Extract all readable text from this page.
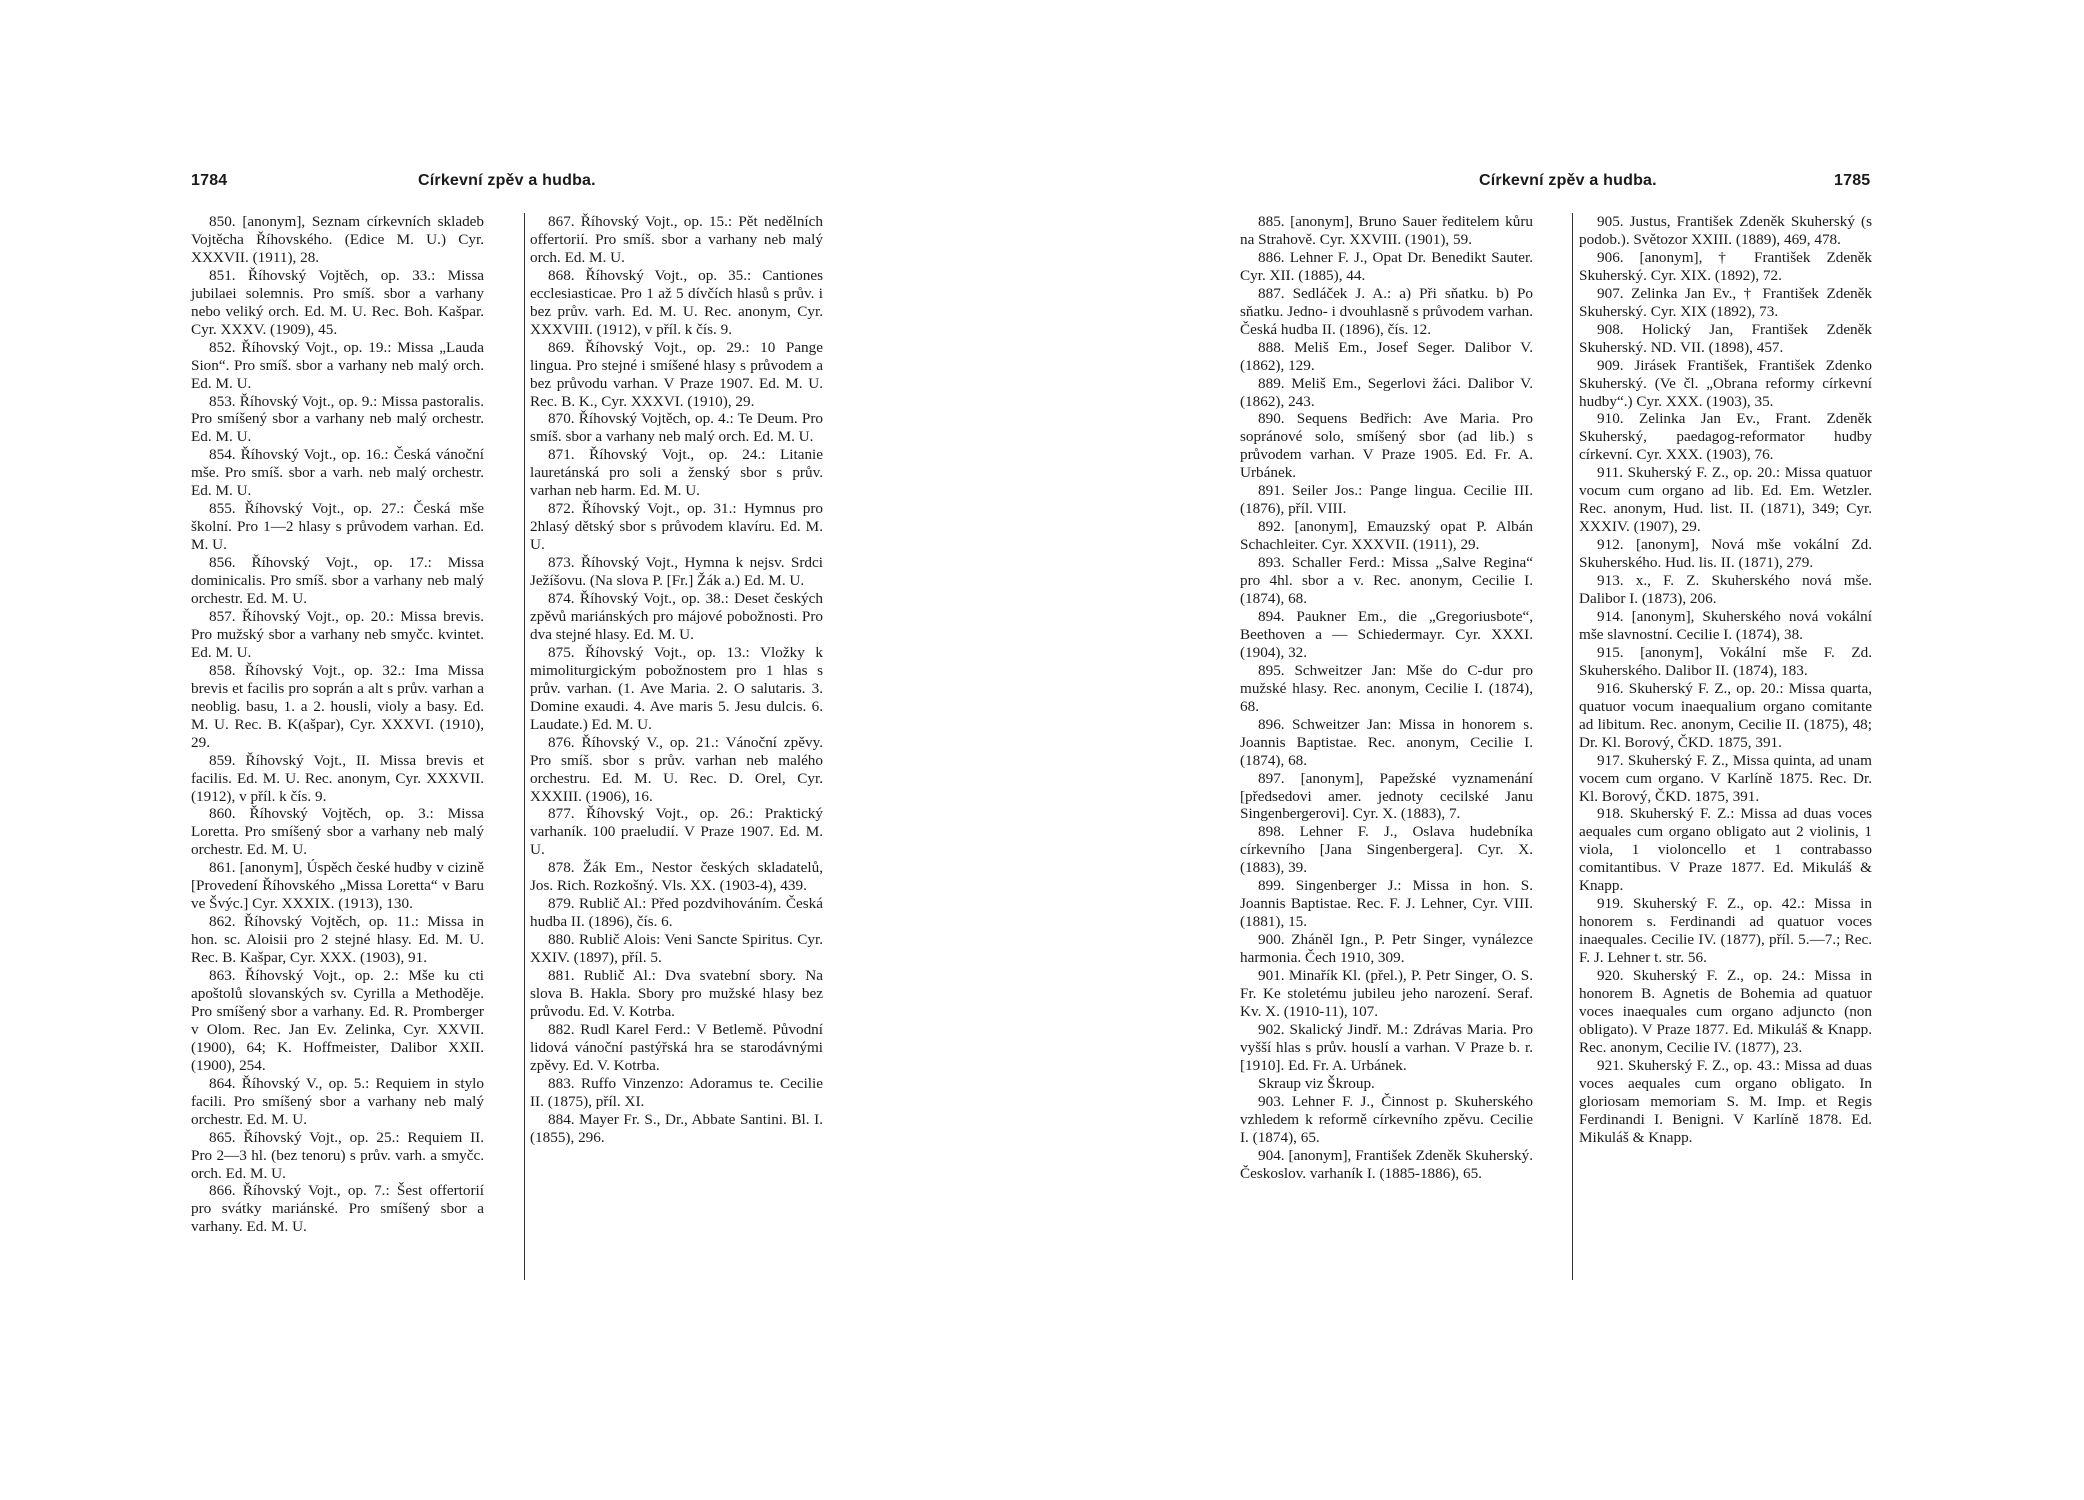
1784	Církevní zpěv a hudba.

850. [anonym], Seznam církevních skladeb Vojtěcha Říhovského. (Edice M. U.) Cyr. XXXVII. (1911), 28.

851. Říhovský Vojtěch, op. 33.: Missa jubilaei solemnis. Pro smíš. sbor a varhany nebo veliký orch. Ed. M. U. Rec. Boh. Kašpar. Cyr. XXXV. (1909), 45.

852. Říhovský Vojt., op. 19.: Missa „Lauda Sion“. Pro smíš. sbor a varhany neb malý orch. Ed. M. U.

853. Říhovský Vojt., op. 9.: Missa pastoralis. Pro smíšený sbor a varhany neb malý orchestr. Ed. M. U.

854. Říhovský Vojt., op. 16.: Česká vánoční mše. Pro smíš. sbor a varh. neb malý orchestr. Ed. M. U.

855. Říhovský Vojt., op. 27.: Česká mše školní. Pro 1—2 hlasy s průvodem varhan. Ed. M. U.

856. Říhovský Vojt., op. 17.: Missa dominicalis. Pro smíš. sbor a varhany neb malý orchestr. Ed. M. U.

857. Říhovský Vojt., op. 20.: Missa brevis. Pro mužský sbor a varhany neb smyčc. kvintet. Ed. M. U.

858. Říhovský Vojt., op. 32.: Ima Missa brevis et facilis pro soprán a alt s prův. varhan a neoblig. basu, 1. a 2. housli, violy a basy. Ed. M. U. Rec. B. K(ašpar), Cyr. XXXVI. (1910), 29.

859. Říhovský Vojt., II. Missa brevis et facilis. Ed. M. U. Rec. anonym, Cyr. XXXVII. (1912), v příl. k čís. 9.

860. Říhovský Vojtěch, op. 3.: Missa Loretta. Pro smíšený sbor a varhany neb malý orchestr. Ed. M. U.

861. [anonym], Úspěch české hudby v cizině [Provedení Říhovského „Missa Loretta“ v Baru ve Švýc.] Cyr. XXXIX. (1913), 130.

862. Říhovský Vojtěch, op. 11.: Missa in hon. sc. Aloisii pro 2 stejné hlasy. Ed. M. U. Rec. B. Kašpar, Cyr. XXX. (1903), 91.

863. Říhovský Vojt., op. 2.: Mše ku cti apoštolů slovanských sv. Cyrilla a Methoděje. Pro smíšený sbor a varhany. Ed. R. Promberger v Olom. Rec. Jan Ev. Zelinka, Cyr. XXVII. (1900), 64; K. Hoffmeister, Dalibor XXII. (1900), 254.

864. Říhovský V., op. 5.: Requiem in stylo facili. Pro smíšený sbor a varhany neb malý orchestr. Ed. M. U.

865. Říhovský Vojt., op. 25.: Requiem II. Pro 2—3 hl. (bez tenoru) s prův. varh. a smyčc. orch. Ed. M. U.

866. Říhovský Vojt., op. 7.: Šest offertorií pro svátky mariánské. Pro smíšený sbor a varhany. Ed. M. U.

867. Říhovský Vojt., op. 15.: Pět nedělních offertorií. Pro smíš. sbor a varhany neb malý orch. Ed. M. U.

868. Říhovský Vojt., op. 35.: Cantiones ecclesiasticae. Pro 1 až 5 dívčích hlasů s prův. i bez prův. varh. Ed. M. U. Rec. anonym, Cyr. XXXVIII. (1912), v příl. k čís. 9.

869. Říhovský Vojt., op. 29.: 10 Pange lingua. Pro stejné i smíšené hlasy s průvodem a bez průvodu varhan. V Praze 1907. Ed. M. U. Rec. B. K., Cyr. XXXVI. (1910), 29.

870. Říhovský Vojtěch, op. 4.: Te Deum. Pro smíš. sbor a varhany neb malý orch. Ed. M. U.

871. Říhovský Vojt., op. 24.: Litanie lauretánská pro soli a ženský sbor s prův. varhan neb harm. Ed. M. U.

872. Říhovský Vojt., op. 31.: Hymnus pro 2hlasý dětský sbor s průvodem klavíru. Ed. M. U.

873. Říhovský Vojt., Hymna k nejsv. Srdci Ježíšovu. (Na slova P. [Fr.] Žák a.) Ed. M. U.

874. Říhovský Vojt., op. 38.: Deset českých zpěvů mariánských pro májové pobožnosti. Pro dva stejné hlasy. Ed. M. U.

875. Říhovský Vojt., op. 13.: Vložky k mimoliturgickým pobožnostem pro 1 hlas s prův. varhan. (1. Ave Maria. 2. O salutaris. 3. Domine exaudi. 4. Ave maris 5. Jesu dulcis. 6. Laudate.) Ed. M. U.

876. Říhovský V., op. 21.: Vánoční zpěvy. Pro smíš. sbor s prův. varhan neb malého orchestru. Ed. M. U. Rec. D. Orel, Cyr. XXXIII. (1906), 16.

877. Říhovský Vojt., op. 26.: Praktický varhaník. 100 praeludií. V Praze 1907. Ed. M. U.

878. Žák Em., Nestor českých skladatelů, Jos. Rich. Rozkošný. Vls. XX. (1903-4), 439.

879. Rublič Al.: Před pozdvihováním. Česká hudba II. (1896), čís. 6.

880. Rublič Alois: Veni Sancte Spiritus. Cyr. XXIV. (1897), příl. 5.

881. Rublič Al.: Dva svatební sbory. Na slova B. Hakla. Sbory pro mužské hlasy bez průvodu. Ed. V. Kotrba.

882. Rudl Karel Ferd.: V Betlemě. Původní lidová vánoční pastýřská hra se starodávnými zpěvy. Ed. V. Kotrba.

883. Ruffo Vinzenzo: Adoramus te. Cecilie II. (1875), příl. XI.

884. Mayer Fr. S., Dr., Abbate Santini. Bl. I. (1855), 296.

Církevní zpěv a hudba.	1785

885. [anonym], Bruno Sauer ředitelem kůru na Strahově. Cyr. XXVIII. (1901), 59.

886. Lehner F. J., Opat Dr. Benedikt Sauter. Cyr. XII. (1885), 44.

887. Sedláček J. A.: a) Při sňatku. b) Po sňatku. Jedno- i dvouhlasně s průvodem varhan. Česká hudba II. (1896), čís. 12.

888. Meliš Em., Josef Seger. Dalibor V. (1862), 129.

889. Meliš Em., Segerlovi žáci. Dalibor V. (1862), 243.

890. Sequens Bedřich: Ave Maria. Pro sopránové solo, smíšený sbor (ad lib.) s průvodem varhan. V Praze 1905. Ed. Fr. A. Urbánek.

891. Seiler Jos.: Pange lingua. Cecilie III. (1876), příl. VIII.

892. [anonym], Emauzský opat P. Albán Schachleiter. Cyr. XXXVII. (1911), 29.

893. Schaller Ferd.: Missa „Salve Regina“ pro 4hl. sbor a v. Rec. anonym, Cecilie I. (1874), 68.

894. Paukner Em., die „Gregoriusbote“, Beethoven a — Schiedermayr. Cyr. XXXI. (1904), 32.

895. Schweitzer Jan: Mše do C-dur pro mužské hlasy. Rec. anonym, Cecilie I. (1874), 68.

896. Schweitzer Jan: Missa in honorem s. Joannis Baptistae. Rec. anonym, Cecilie I. (1874), 68.

897. [anonym], Papežské vyznamenání [předsedovi amer. jednoty cecilské Janu Singenbergerovi]. Cyr. X. (1883), 7.

898. Lehner F. J., Oslava hudebníka církevního [Jana Singenbergera]. Cyr. X. (1883), 39.

899. Singenberger J.: Missa in hon. S. Joannis Baptistae. Rec. F. J. Lehner, Cyr. VIII. (1881), 15.

900. Zháněl Ign., P. Petr Singer, vynálezce harmonia. Čech 1910, 309.

901. Minařík Kl. (přel.), P. Petr Singer, O. S. Fr. Ke stoletému jubileu jeho narození. Seraf. Kv. X. (1910-11), 107.

902. Skalický Jindř. M.: Zdrávas Maria. Pro vyšší hlas s prův. houslí a varhan. V Praze b. r. [1910]. Ed. Fr. A. Urbánek.

Skraup viz Škroup.

903. Lehner F. J., Činnost p. Skuherského vzhledem k reformě církevního zpěvu. Cecilie I. (1874), 65.

904. [anonym], František Zdeněk Skuherský. Českoslov. varhaník I. (1885-1886), 65.

905. Justus, František Zdeněk Skuherský (s podob.). Světozor XXIII. (1889), 469, 478.

906. [anonym], † František Zdeněk Skuherský. Cyr. XIX. (1892), 72.

907. Zelinka Jan Ev., † František Zdeněk Skuherský. Cyr. XIX (1892), 73.

908. Holický Jan, František Zdeněk Skuherský. ND. VII. (1898), 457.

909. Jirásek František, František Zdenko Skuherský. (Ve čl. „Obrana reformy církevní hudby“.) Cyr. XXX. (1903), 35.

910. Zelinka Jan Ev., Frant. Zdeněk Skuherský, paedagog-reformator hudby církevní. Cyr. XXX. (1903), 76.

911. Skuherský F. Z., op. 20.: Missa quatuor vocum cum organo ad lib. Ed. Em. Wetzler. Rec. anonym, Hud. list. II. (1871), 349; Cyr. XXXIV. (1907), 29.

912. [anonym], Nová mše vokální Zd. Skuherského. Hud. lis. II. (1871), 279.

913. x., F. Z. Skuherského nová mše. Dalibor I. (1873), 206.

914. [anonym], Skuherského nová vokální mše slavnostní. Cecilie I. (1874), 38.

915. [anonym], Vokální mše F. Zd. Skuherského. Dalibor II. (1874), 183.

916. Skuherský F. Z., op. 20.: Missa quarta, quatuor vocum inaequalium organo comitante ad libitum. Rec. anonym, Cecilie II. (1875), 48; Dr. Kl. Borový, ČKD. 1875, 391.

917. Skuherský F. Z., Missa quinta, ad unam vocem cum organo. V Karlíně 1875. Rec. Dr. Kl. Borový, ČKD. 1875, 391.

918. Skuherský F. Z.: Missa ad duas voces aequales cum organo obligato aut 2 violinis, 1 viola, 1 violoncello et 1 contrabasso comitantibus. V Praze 1877. Ed. Mikuláš & Knapp.

919. Skuherský F. Z., op. 42.: Missa in honorem s. Ferdinandi ad quatuor voces inaequales. Cecilie IV. (1877), příl. 5.—7.; Rec. F. J. Lehner t. str. 56.

920. Skuherský F. Z., op. 24.: Missa in honorem B. Agnetis de Bohemia ad quatuor voces inaequales cum organo adjuncto (non obligato). V Praze 1877. Ed. Mikuláš & Knapp. Rec. anonym, Cecilie IV. (1877), 23.

921. Skuherský F. Z., op. 43.: Missa ad duas voces aequales cum organo obligato. In gloriosam memoriam S. M. Imp. et Regis Ferdinandi I. Benigni. V Karlíně 1878. Ed. Mikuláš & Knapp.
